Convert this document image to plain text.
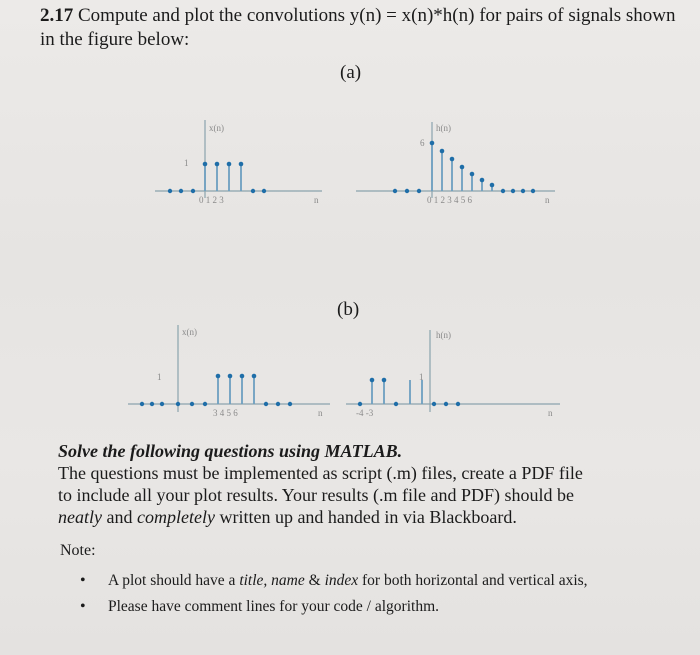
2.17 Compute and plot the convolutions y(n) = x(n)*h(n) for pairs of signals shown in the figure below:
(a)
(b)
x(n)
1
0 1 2 3	n
h(n)
6
0 1 2 3 4 5 6	n
x(n)
1
3 4 5 6	n
h(n)
1
-4 -3	n
Solve the following questions using MATLAB.
The questions must be implemented as script (.m) files, create a PDF file
to include all your plot results. Your results (.m file and PDF) should be
neatly and completely written up and handed in via Blackboard.
Note:
• A plot should have a title, name & index for both horizontal and vertical axis,
• Please have comment lines for your code / algorithm.
